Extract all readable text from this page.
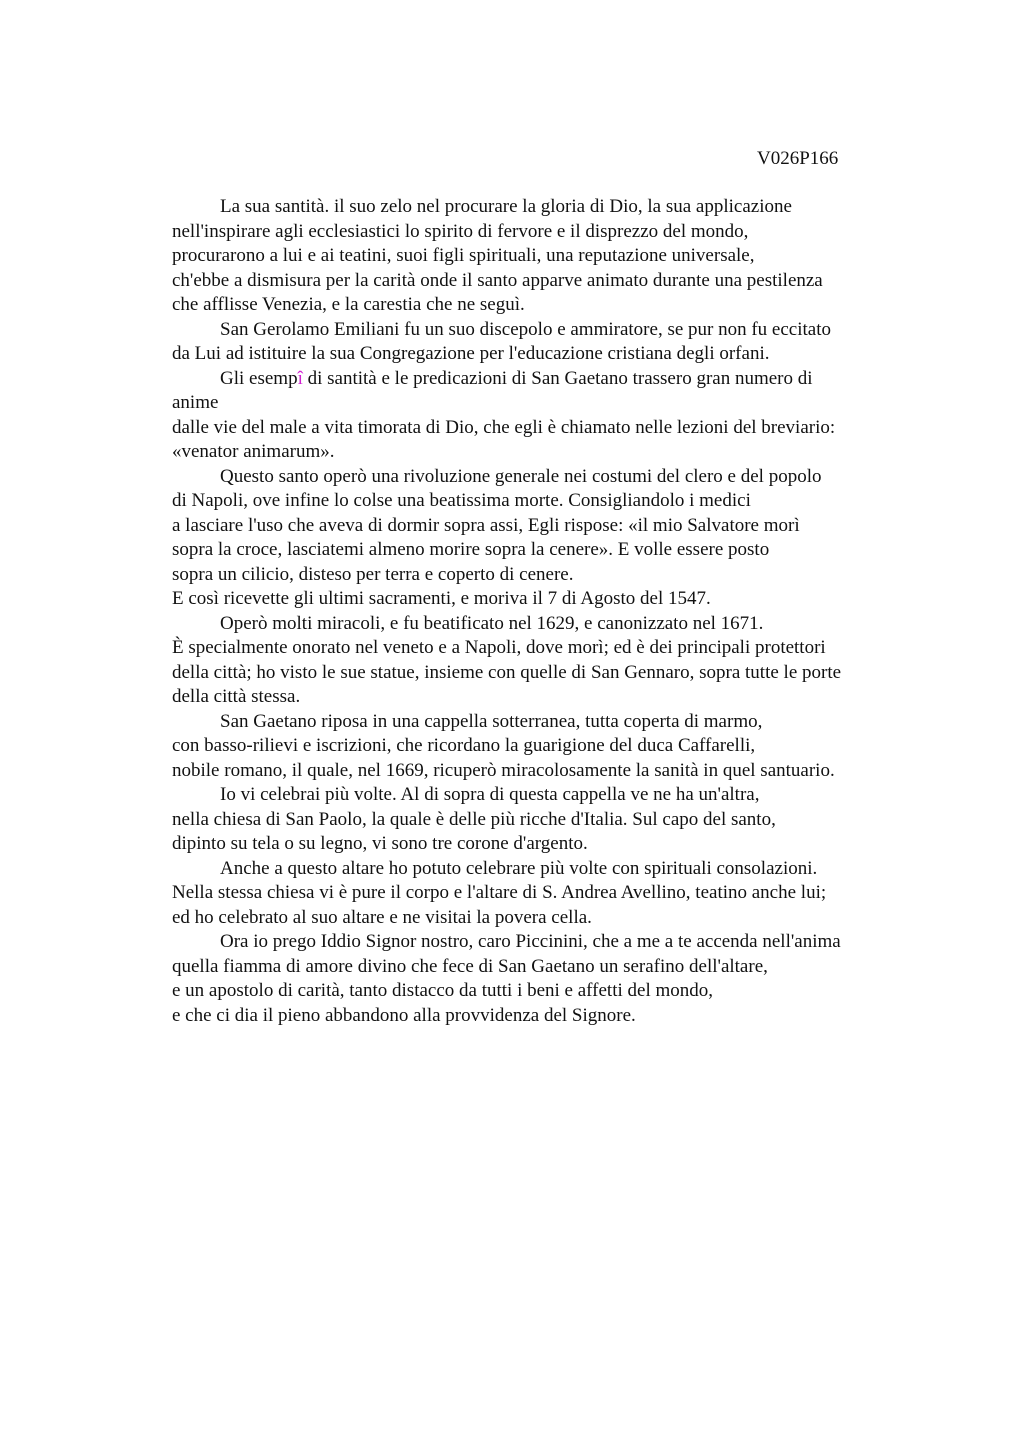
V026P166
La sua santità. il suo zelo nel procurare la gloria di Dio, la sua applicazione
nell'inspirare agli ecclesiastici lo spirito di fervore e il disprezzo del mondo,
procurarono a lui e ai teatini, suoi figli spirituali, una reputazione universale,
ch'ebbe a dismisura per la carità onde il santo apparve animato durante una pestilenza
che afflisse Venezia, e la carestia che ne seguì.
San Gerolamo Emiliani fu un suo discepolo e ammiratore, se pur non fu eccitato
da Lui ad istituire la sua Congregazione per l'educazione cristiana degli orfani.
Gli esempî di santità e le predicazioni di San Gaetano trassero gran numero di
anime
dalle vie del male a vita timorata di Dio, che egli è chiamato nelle lezioni del breviario:
«venator animarum».
Questo santo operò una rivoluzione generale nei costumi del clero e del popolo
di Napoli, ove infine lo colse una beatissima morte. Consigliandolo i medici
a lasciare l'uso che aveva di dormir sopra assi, Egli rispose: «il mio Salvatore morì
sopra la croce, lasciatemi almeno morire sopra la cenere». E volle essere posto
sopra un cilicio, disteso per terra e coperto di cenere.
E così ricevette gli ultimi sacramenti, e moriva il 7 di Agosto del 1547.
Operò molti miracoli, e fu beatificato nel 1629, e canonizzato nel 1671.
È specialmente onorato nel veneto e a Napoli, dove morì; ed è dei principali protettori
della città; ho visto le sue statue, insieme con quelle di San Gennaro, sopra tutte le porte
della città stessa.
San Gaetano riposa in una cappella sotterranea, tutta coperta di marmo,
con basso-rilievi e iscrizioni, che ricordano la guarigione del duca Caffarelli,
nobile romano, il quale, nel 1669, ricuperò miracolosamente la sanità in quel santuario.
Io vi celebrai più volte. Al di sopra di questa cappella ve ne ha un'altra,
nella chiesa di San Paolo, la quale è delle più ricche d'Italia. Sul capo del santo,
dipinto su tela o su legno, vi sono tre corone d'argento.
Anche a questo altare ho potuto celebrare più volte con spirituali consolazioni.
Nella stessa chiesa vi è pure il corpo e l'altare di S. Andrea Avellino, teatino anche lui;
ed ho celebrato al suo altare e ne visitai la povera cella.
Ora io prego Iddio Signor nostro, caro Piccinini, che a me a te accenda nell'anima
quella fiamma di amore divino che fece di San Gaetano un serafino dell'altare,
e un apostolo di carità, tanto distacco da tutti i beni e affetti del mondo,
e che ci dia il pieno abbandono alla provvidenza del Signore.
